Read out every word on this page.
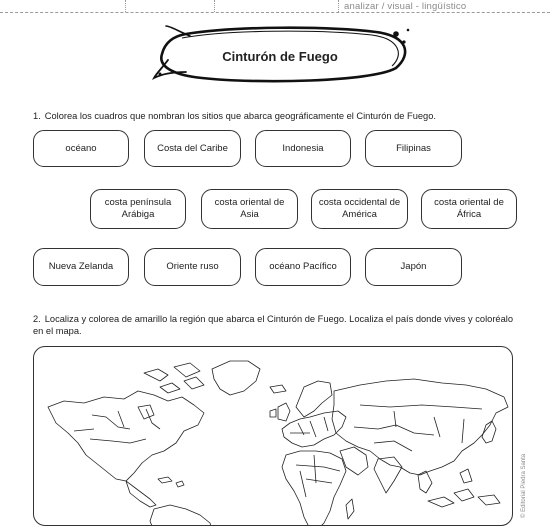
analizar / visual - lingüístico
Cinturón de Fuego
1. Colorea los cuadros que nombran los sitios que abarca geográficamente el Cinturón de Fuego.
océano	Costa del Caribe	Indonesia	Filipinas
costa península Arábiga
costa oriental de Asia
costa occidental de América
costa oriental de África
Nueva Zelanda	Oriente ruso	océano Pacífico	Japón
2. Localiza y colorea de amarillo la región que abarca el Cinturón de Fuego. Localiza el país donde vives y coloréalo en el mapa.
© Editorial Piedra Santa
